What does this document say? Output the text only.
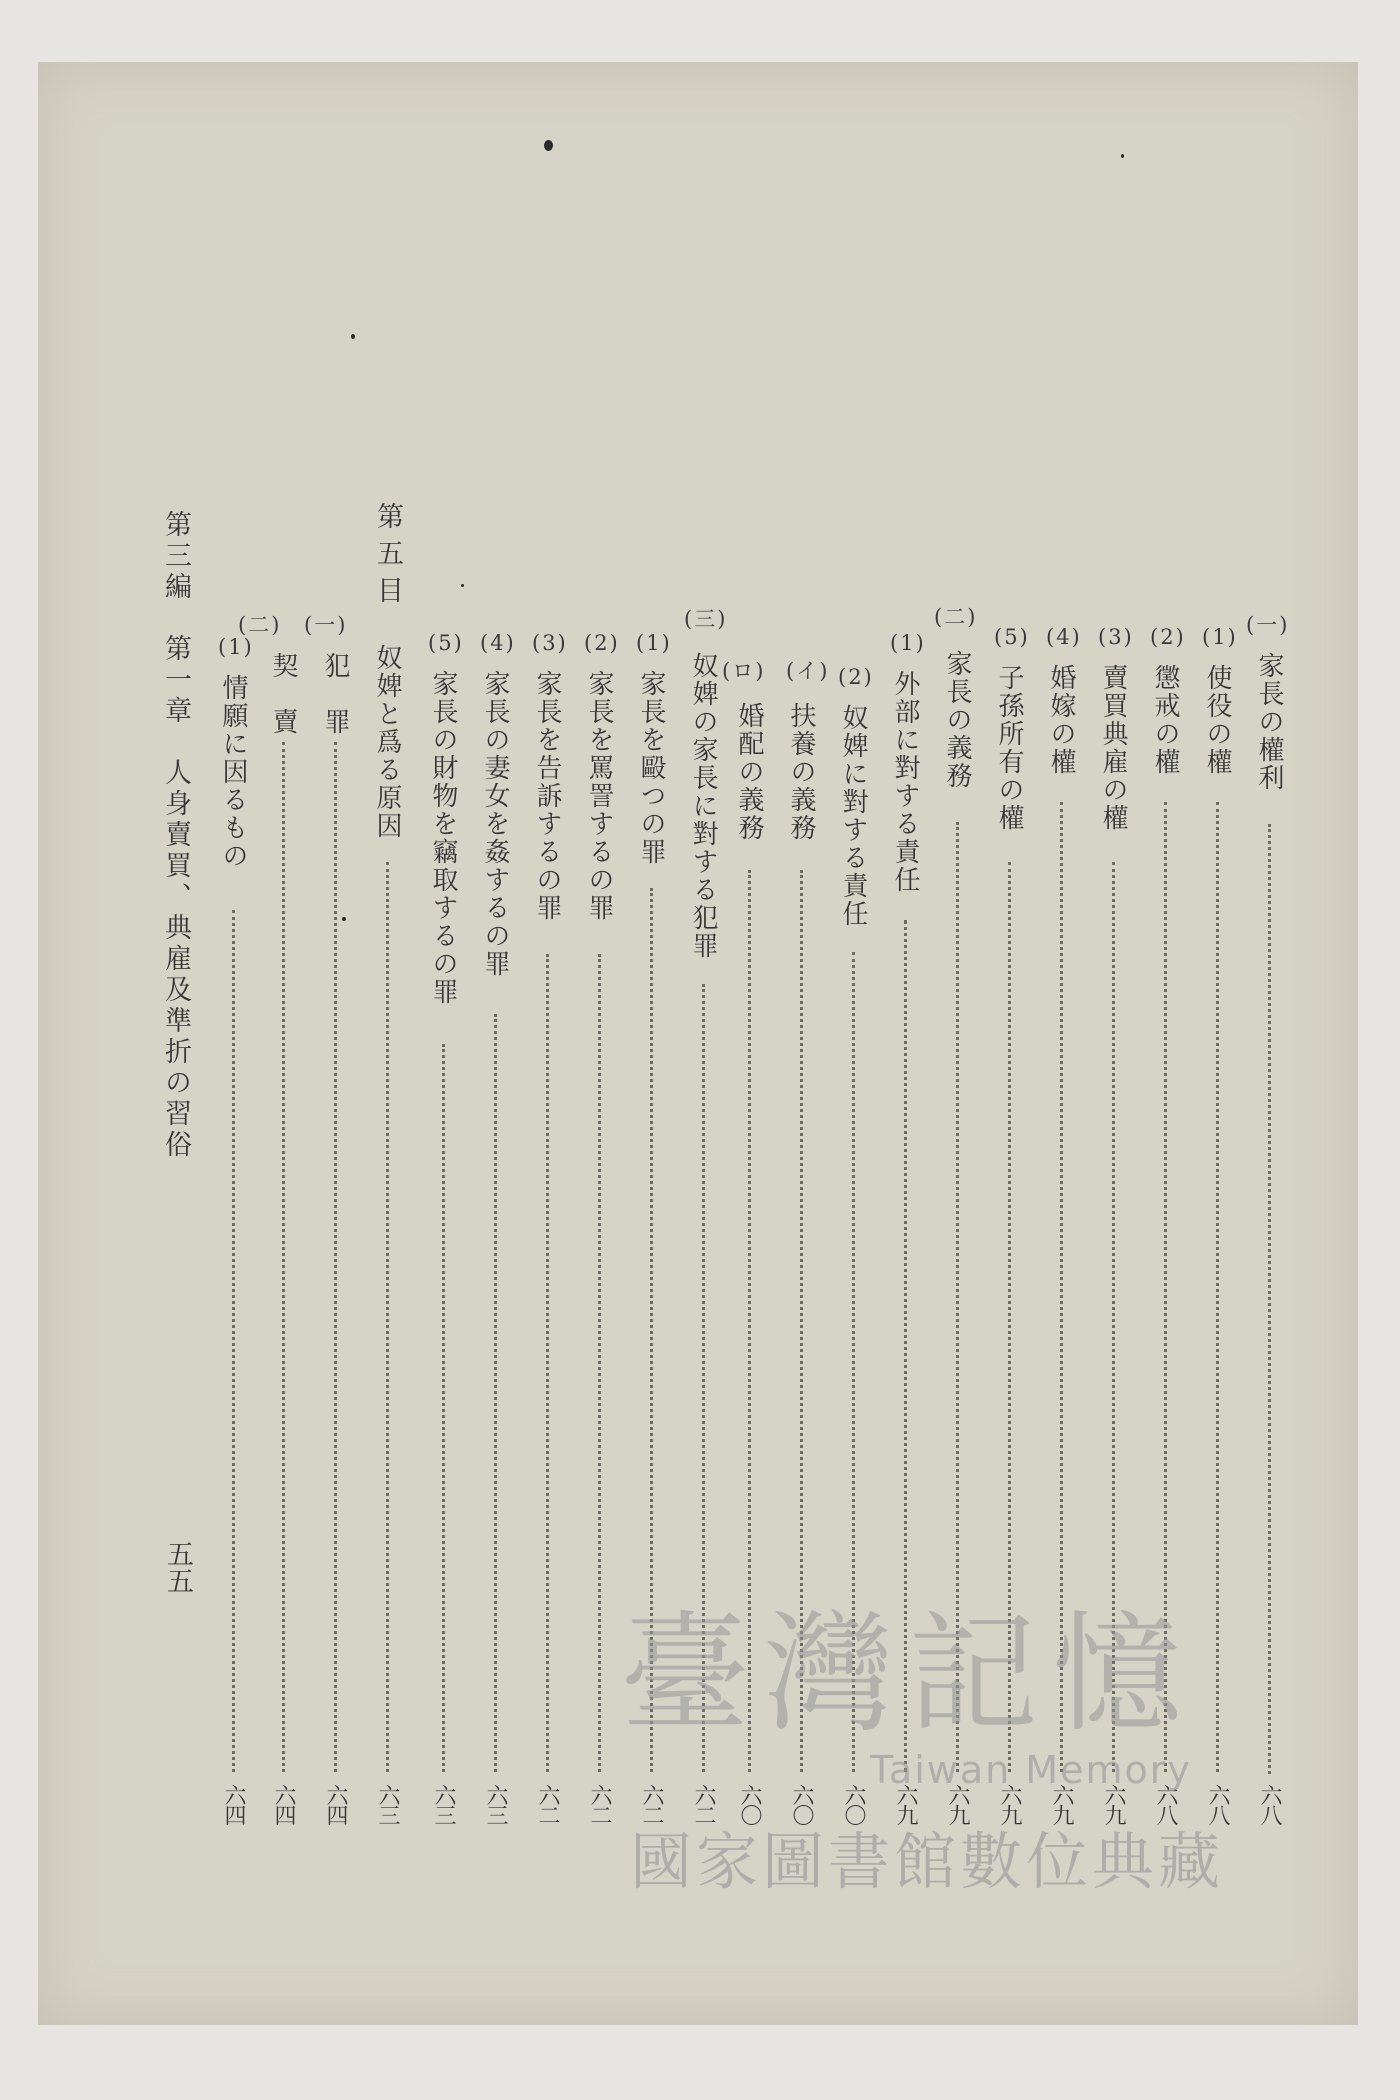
(一)
家長の權利
六八
(1)
使役の權
六八
(2)
懲戒の權
六八
(3)
賣買典雇の權
六九
(4)
婚嫁の權
六九
(5)
子孫所有の權
六九
(二)
家長の義務
六九
(1)
外部に對する責任
六九
(2)
奴婢に對する責任
六〇
(イ)
扶養の義務
六〇
(ロ)
婚配の義務
六〇
(三)
奴婢の家長に對する犯罪
六二
(1)
家長を毆つの罪
六二
(2)
家長を罵詈するの罪
六二
(3)
家長を告訴するの罪
六二
(4)
家長の妻女を姦するの罪
六三
(5)
家長の財物を竊取するの罪
六三
第五目
奴婢と爲る原因
六三
(一)
犯　罪
六四
(二)
契　賣
六四
(1)
情願に因るもの
六四
第三編　第一章　人身賣買、典雇及準折の習俗
五五
臺灣記憶
Taiwan Memory
國家圖書館數位典藏
